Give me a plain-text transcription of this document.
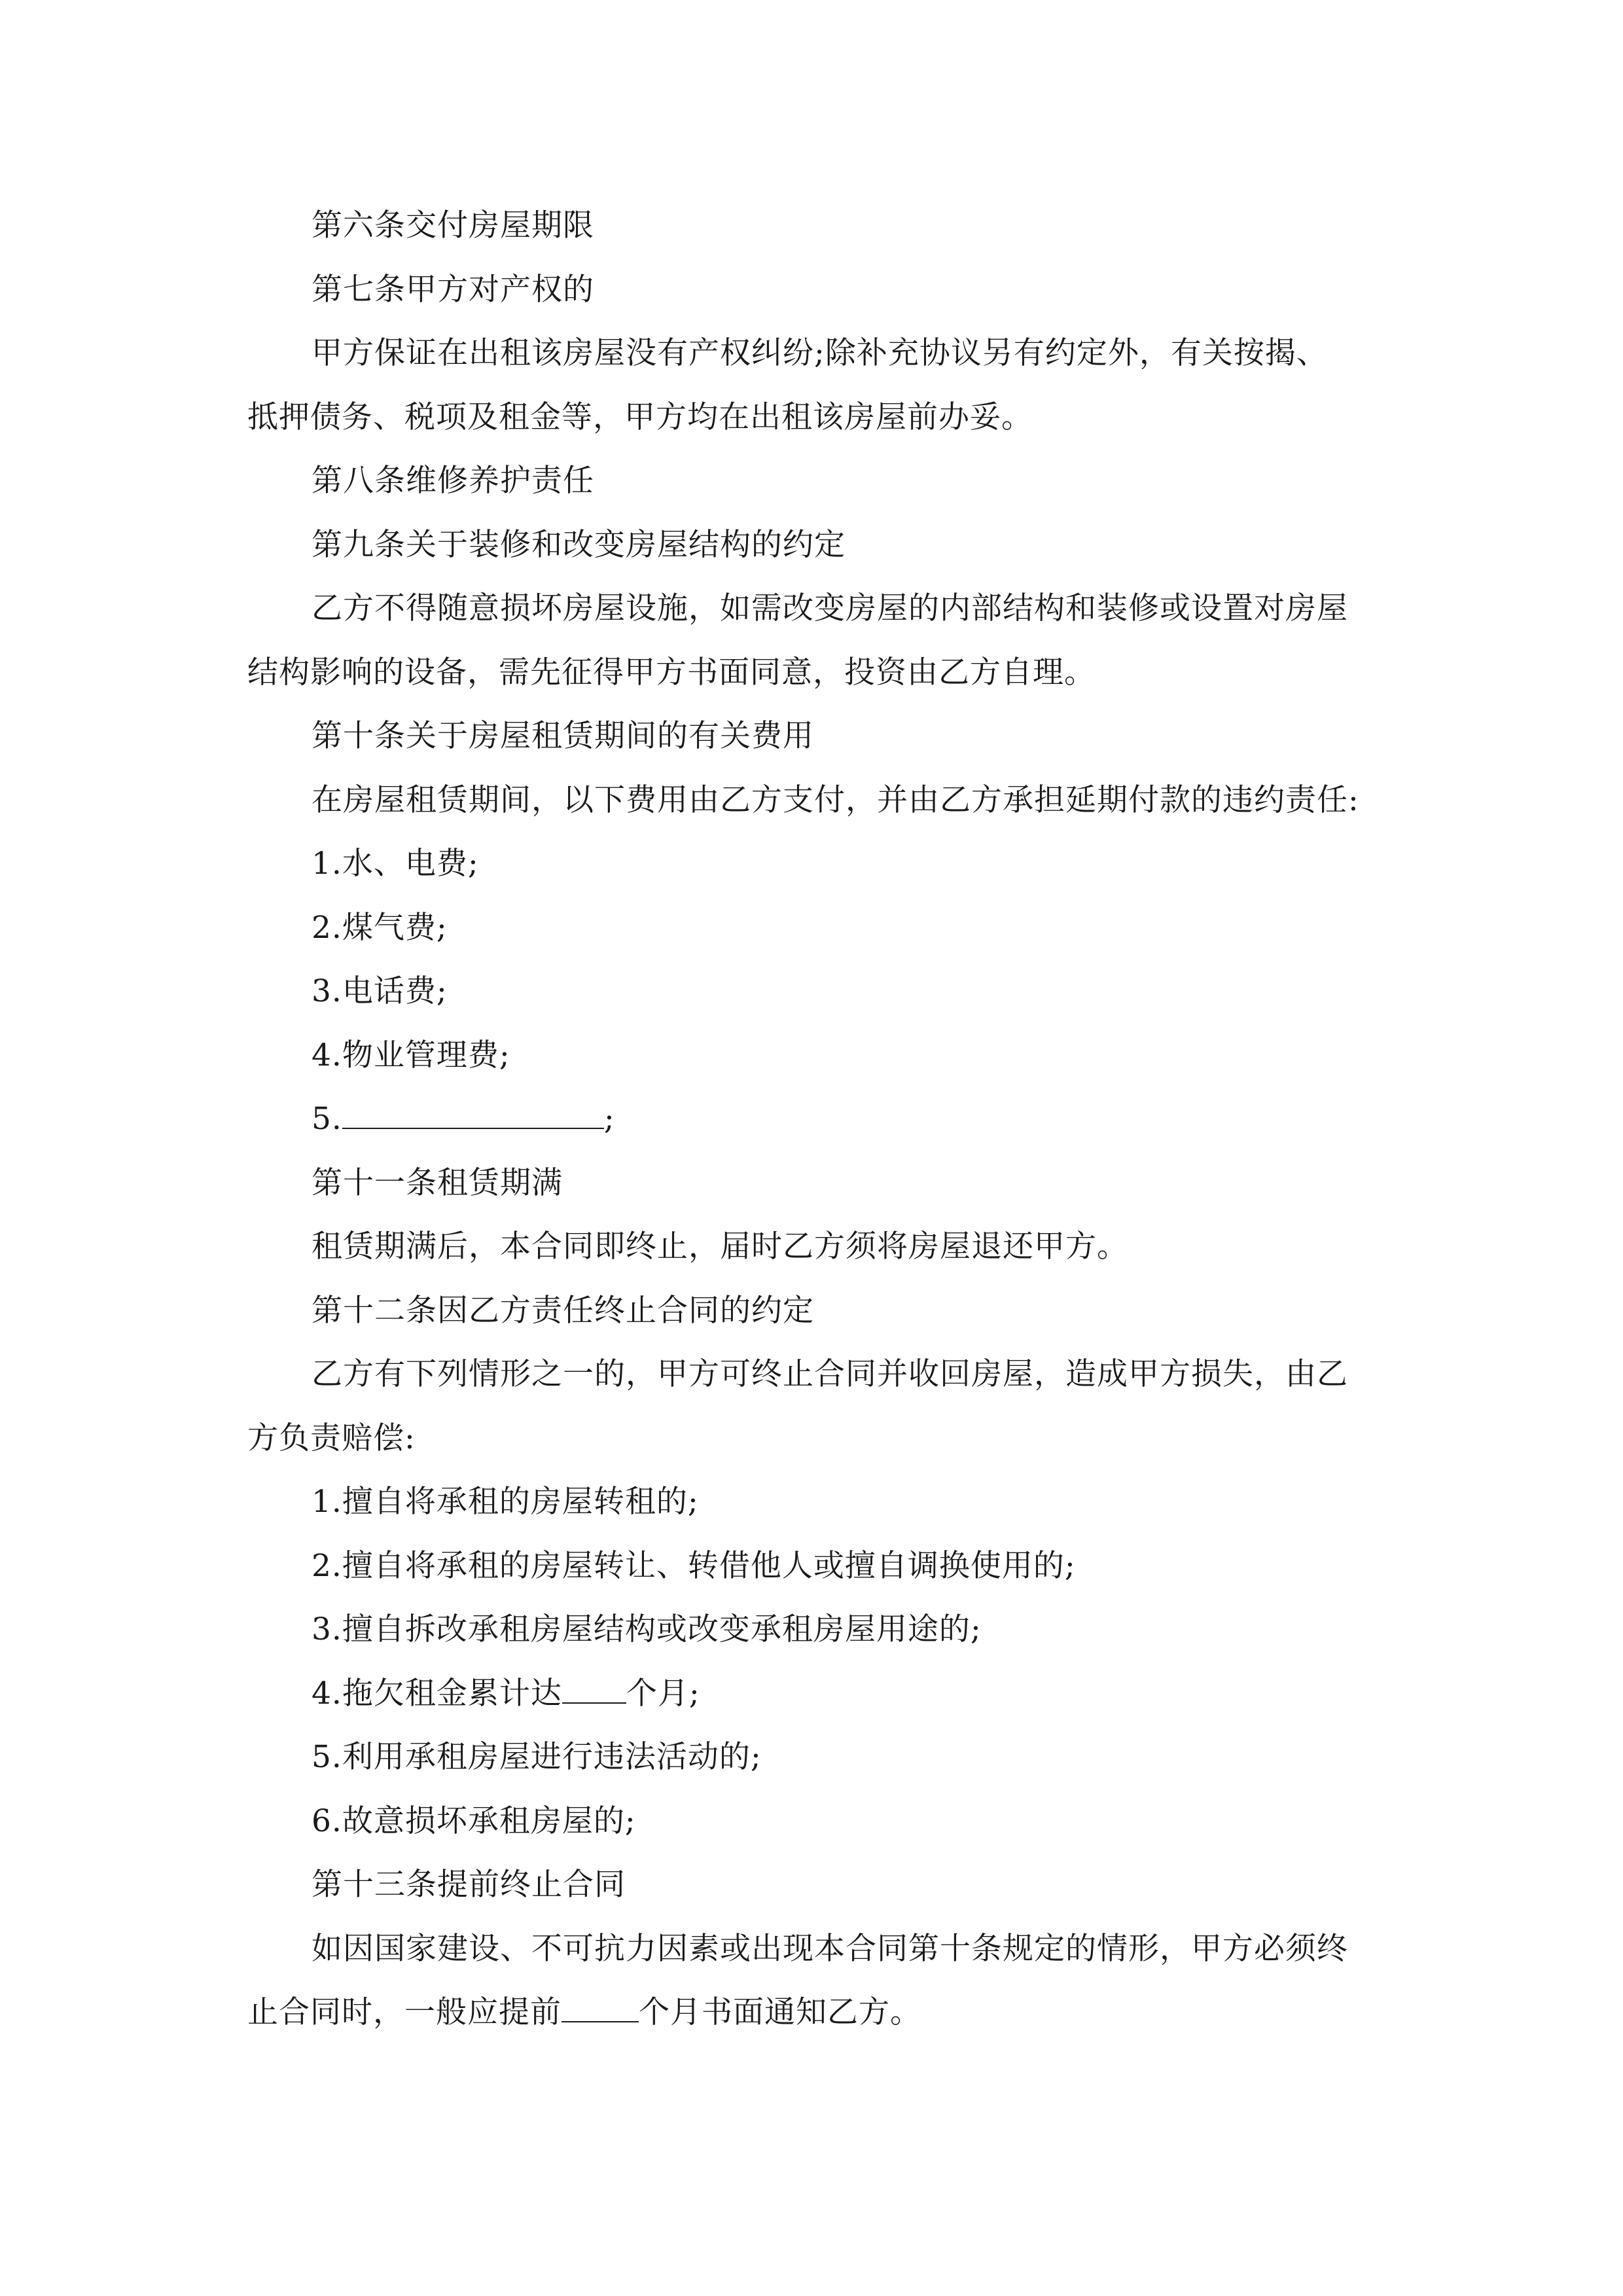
第六条交付房屋期限
第七条甲方对产权的
甲方保证在出租该房屋没有产权纠纷;除补充协议另有约定外，有关按揭、
抵押债务、税项及租金等，甲方均在出租该房屋前办妥。
第八条维修养护责任
第九条关于装修和改变房屋结构的约定
乙方不得随意损坏房屋设施，如需改变房屋的内部结构和装修或设置对房屋
结构影响的设备，需先征得甲方书面同意，投资由乙方自理。
第十条关于房屋租赁期间的有关费用
在房屋租赁期间，以下费用由乙方支付，并由乙方承担延期付款的违约责任:
1.水、电费;
2.煤气费;
3.电话费;
4.物业管理费;
5.	;
第十一条租赁期满
租赁期满后，本合同即终止，届时乙方须将房屋退还甲方。
第十二条因乙方责任终止合同的约定
乙方有下列情形之一的，甲方可终止合同并收回房屋，造成甲方损失，由乙
方负责赔偿:
1.擅自将承租的房屋转租的;
2.擅自将承租的房屋转让、转借他人或擅自调换使用的;
3.擅自拆改承租房屋结构或改变承租房屋用途的;
4.拖欠租金累计达 个月;
5.利用承租房屋进行违法活动的;
6.故意损坏承租房屋的;
第十三条提前终止合同
如因国家建设、不可抗力因素或出现本合同第十条规定的情形，甲方必须终
止合同时，一般应提前	个月书面通知乙方。
